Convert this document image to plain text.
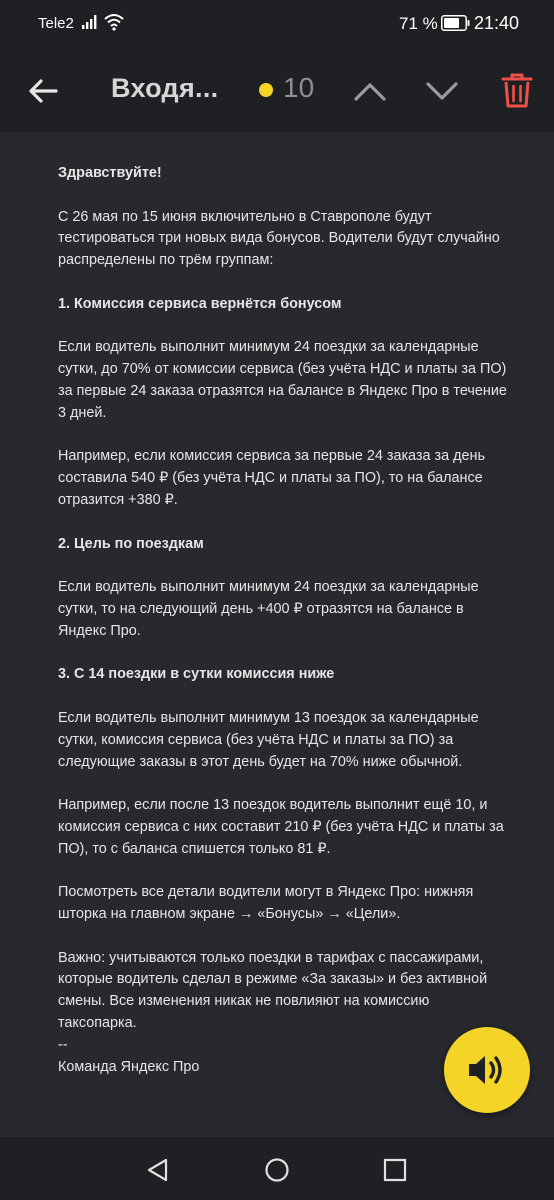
Tele2	71 % 21:40
Входя... 10

Здравствуйте!

С 26 мая по 15 июня включительно в Ставрополе будут тестироваться три новых вида бонусов. Водители будут случайно распределены по трём группам:

1. Комиссия сервиса вернётся бонусом

Если водитель выполнит минимум 24 поездки за календарные сутки, до 70% от комиссии сервиса (без учёта НДС и платы за ПО) за первые 24 заказа отразятся на балансе в Яндекс Про в течение 3 дней.

Например, если комиссия сервиса за первые 24 заказа за день составила 540 ₽ (без учёта НДС и платы за ПО), то на балансе отразится +380 ₽.

2. Цель по поездкам

Если водитель выполнит минимум 24 поездки за календарные сутки, то на следующий день +400 ₽ отразятся на балансе в Яндекс Про.

3. С 14 поездки в сутки комиссия ниже

Если водитель выполнит минимум 13 поездок за календарные сутки, комиссия сервиса (без учёта НДС и платы за ПО) за следующие заказы в этот день будет на 70% ниже обычной.

Например, если после 13 поездок водитель выполнит ещё 10, и комиссия сервиса с них составит 210 ₽ (без учёта НДС и платы за ПО), то с баланса спишется только 81 ₽.

Посмотреть все детали водители могут в Яндекс Про: нижняя шторка на главном экране → «Бонусы» → «Цели».

Важно: учитываются только поездки в тарифах с пассажирами, которые водитель сделал в режиме «За заказы» и без активной смены. Все изменения никак не повлияют на комиссию таксопарка.

--

Команда Яндекс Про
